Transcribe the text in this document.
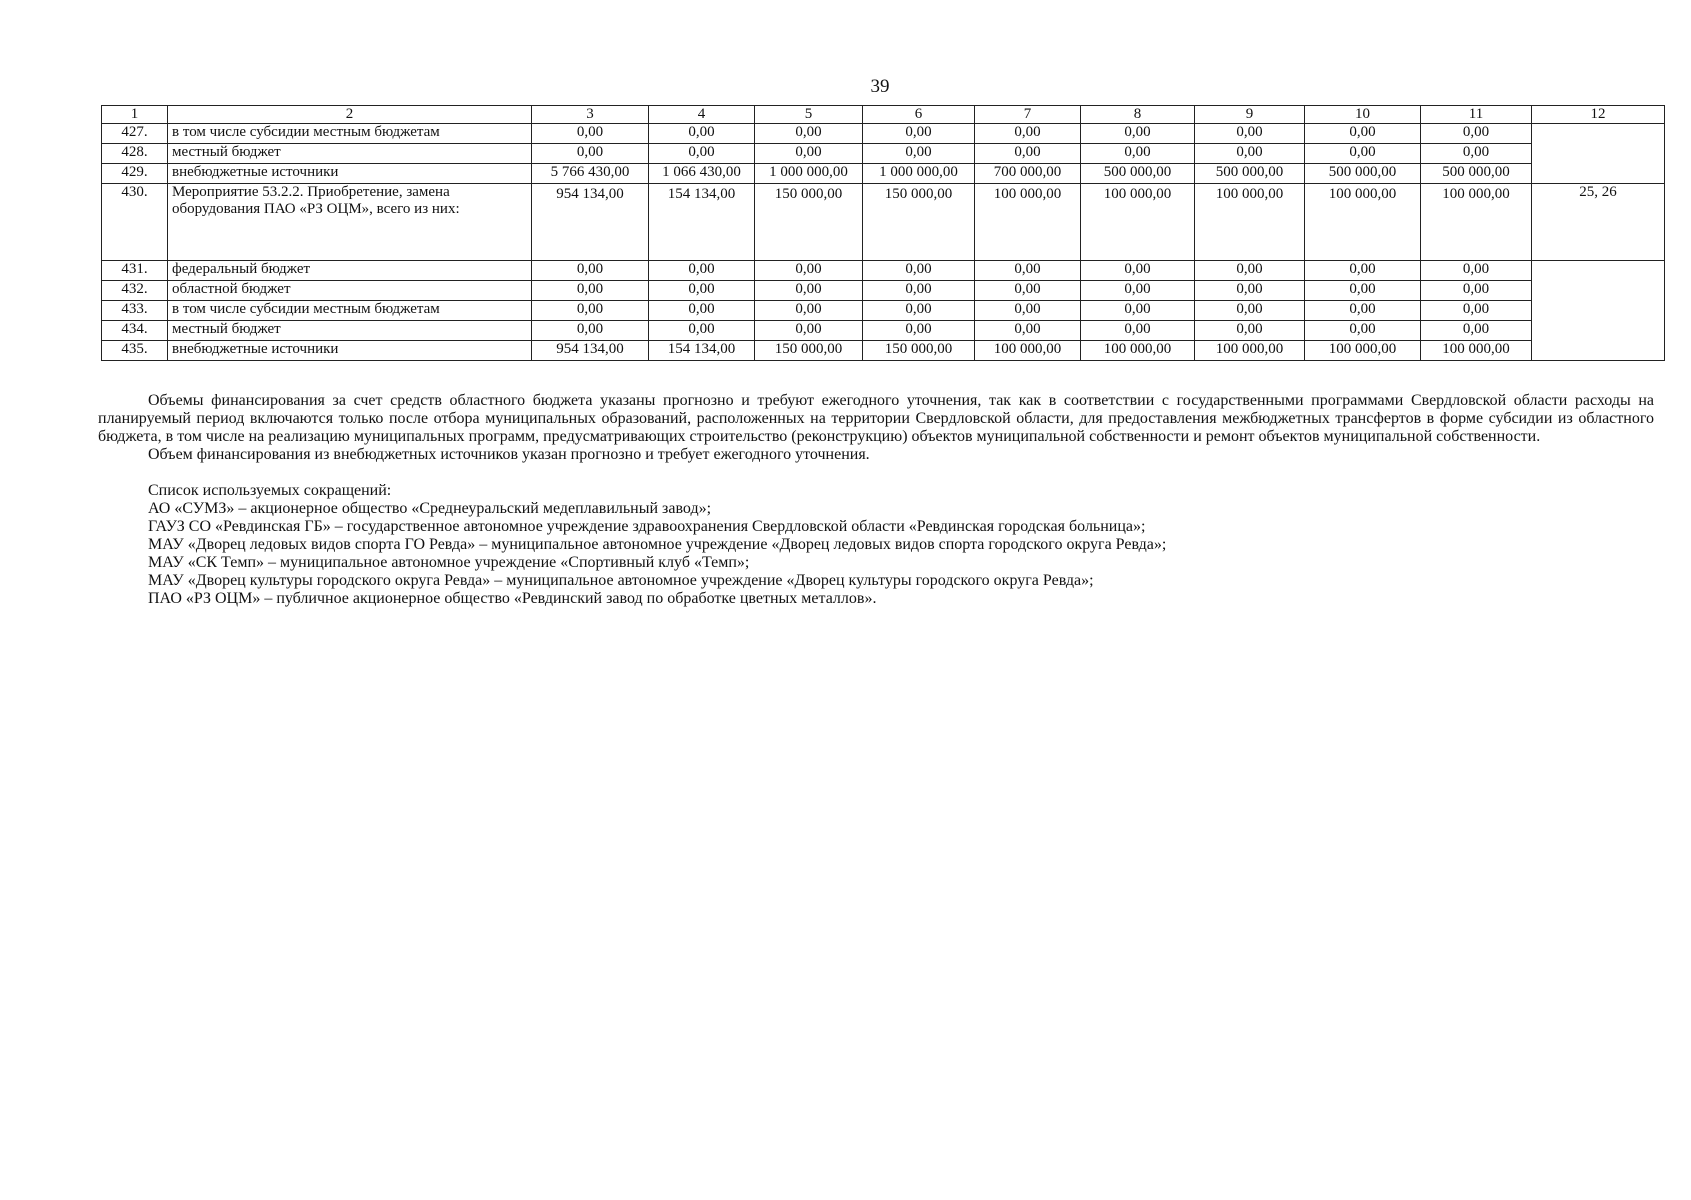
39
1	2	3	4	5	6	7	8	9	10	11	12
427.	в том числе субсидии местным бюджетам	0,00	0,00	0,00	0,00	0,00	0,00	0,00	0,00	0,00	
428.	местный бюджет	0,00	0,00	0,00	0,00	0,00	0,00	0,00	0,00	0,00	
429.	внебюджетные источники	5 766 430,00	1 066 430,00	1 000 000,00	1 000 000,00	700 000,00	500 000,00	500 000,00	500 000,00	500 000,00	
430.	Мероприятие 53.2.2. Приобретение, замена оборудования ПАО «РЗ ОЦМ», всего из них:	954 134,00	154 134,00	150 000,00	150 000,00	100 000,00	100 000,00	100 000,00	100 000,00	100 000,00	25, 26
431.	федеральный бюджет	0,00	0,00	0,00	0,00	0,00	0,00	0,00	0,00	0,00	
432.	областной бюджет	0,00	0,00	0,00	0,00	0,00	0,00	0,00	0,00	0,00	
433.	в том числе субсидии местным бюджетам	0,00	0,00	0,00	0,00	0,00	0,00	0,00	0,00	0,00	
434.	местный бюджет	0,00	0,00	0,00	0,00	0,00	0,00	0,00	0,00	0,00	
435.	внебюджетные источники	954 134,00	154 134,00	150 000,00	150 000,00	100 000,00	100 000,00	100 000,00	100 000,00	100 000,00	

Объемы финансирования за счет средств областного бюджета указаны прогнозно и требуют ежегодного уточнения, так как в соответствии с государственными программами Свердловской области расходы на планируемый период включаются только после отбора муниципальных образований, расположенных на территории Свердловской области, для предоставления межбюджетных трансфертов в форме субсидии из областного бюджета, в том числе на реализацию муниципальных программ, предусматривающих строительство (реконструкцию) объектов муниципальной собственности и ремонт объектов муниципальной собственности.

Объем финансирования из внебюджетных источников указан прогнозно и требует ежегодного уточнения.

Список используемых сокращений:

АО «СУМЗ» – акционерное общество «Среднеуральский медеплавильный завод»;

ГАУЗ СО «Ревдинская ГБ» – государственное автономное учреждение здравоохранения Свердловской области «Ревдинская городская больница»;

МАУ «Дворец ледовых видов спорта ГО Ревда» – муниципальное автономное учреждение «Дворец ледовых видов спорта городского округа Ревда»;

МАУ «СК Темп» – муниципальное автономное учреждение «Спортивный клуб «Темп»;

МАУ «Дворец культуры городского округа Ревда» – муниципальное автономное учреждение «Дворец культуры городского округа Ревда»;

ПАО «РЗ ОЦМ» – публичное акционерное общество «Ревдинский завод по обработке цветных металлов».
